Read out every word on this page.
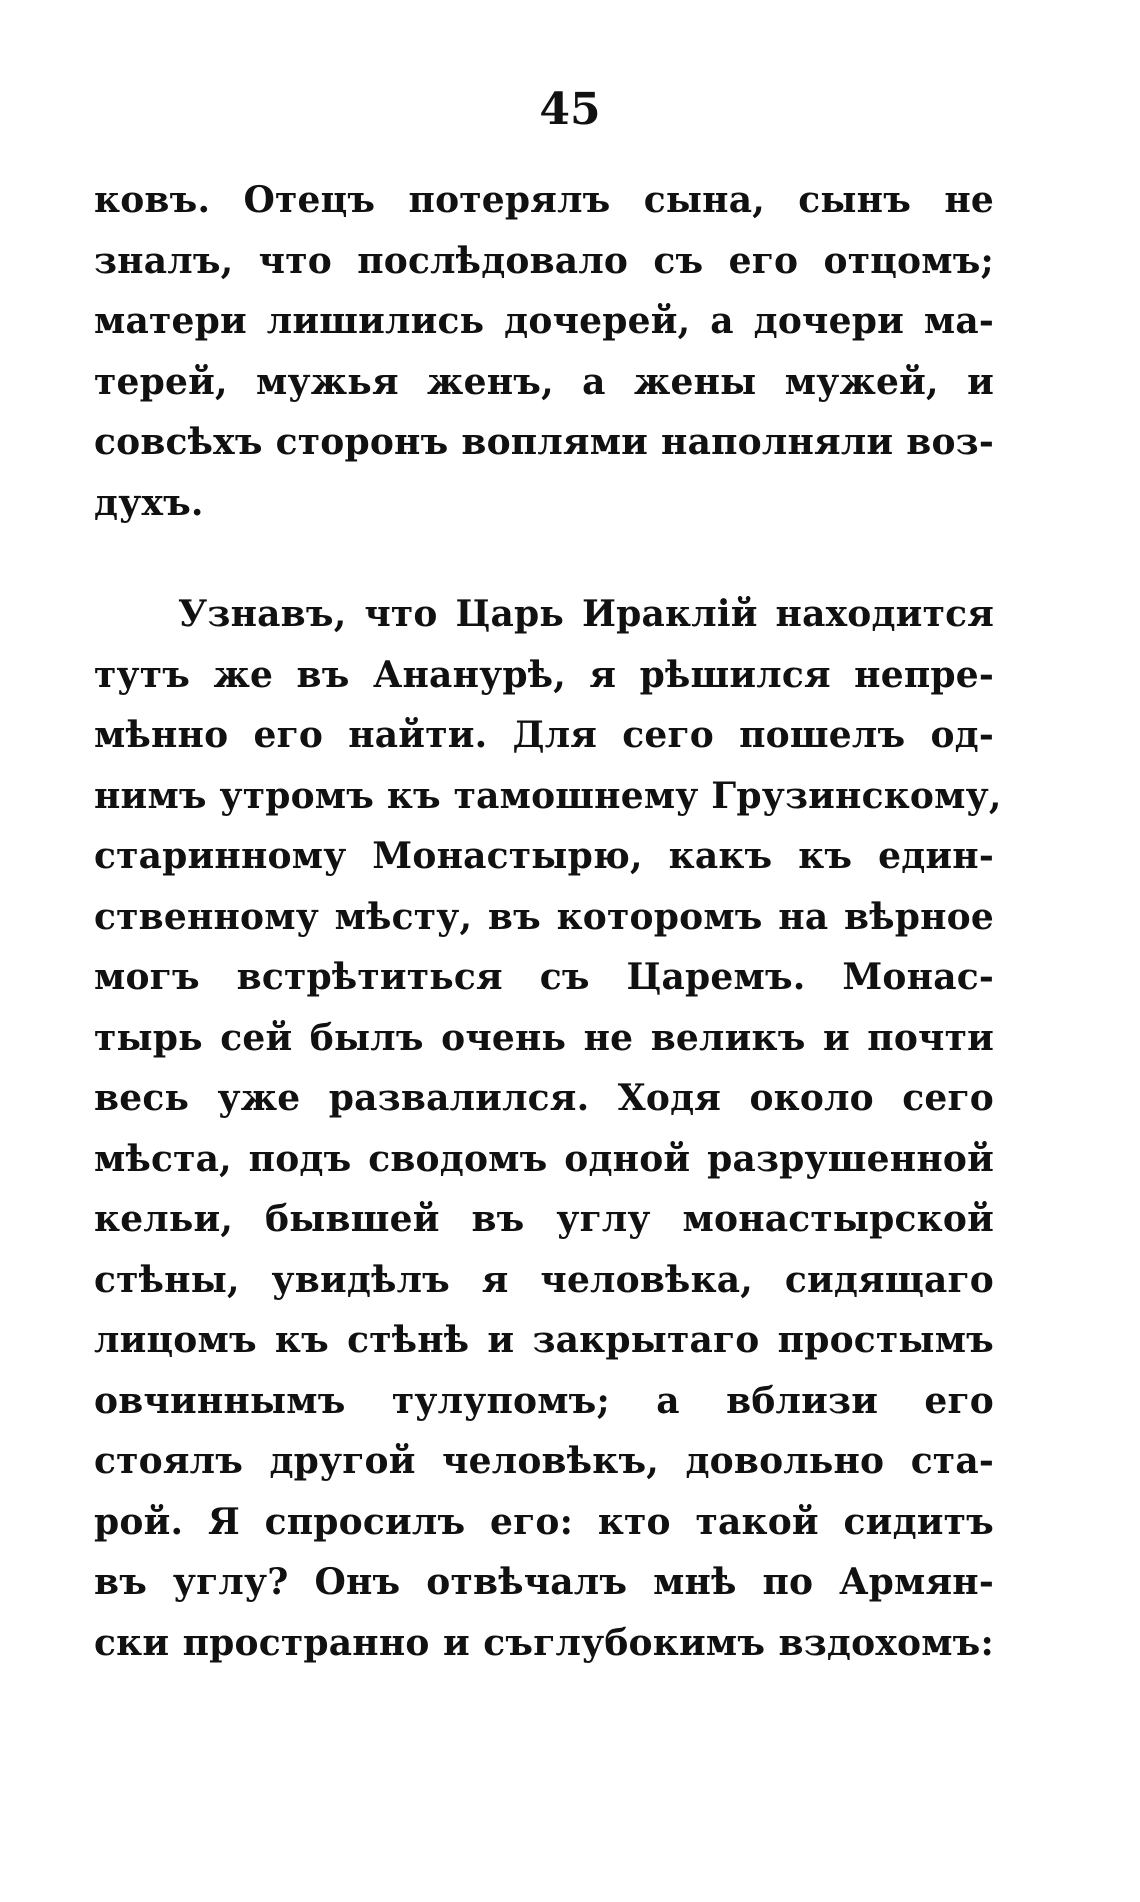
45
ковъ. Отецъ потерялъ сына, сынъ не
зналъ, что послѣдовало съ его отцомъ;
матери лишились дочерей, а дочери ма-
терей, мужья женъ, а жены мужей, и
совсѣхъ сторонъ воплями наполняли воз-
духъ.
Узнавъ, что Царь Ираклій находится
тутъ же въ Ананурѣ, я рѣшился непре-
мѣнно его найти. Для сего пошелъ од-
нимъ утромъ къ тамошнему Грузинскому,
старинному Монастырю, какъ къ един-
ственному мѣсту, въ которомъ на вѣрное
могъ встрѣтиться съ Царемъ. Монас-
тырь сей былъ очень не великъ и почти
весь уже развалился. Ходя около сего
мѣста, подъ сводомъ одной разрушенной
кельи, бывшей въ углу монастырской
стѣны, увидѣлъ я человѣка, сидящаго
лицомъ къ стѣнѣ и закрытаго простымъ
овчиннымъ тулупомъ; а вблизи его
стоялъ другой человѣкъ, довольно ста-
рой. Я спросилъ его: кто такой сидитъ
въ углу? Онъ отвѣчалъ мнѣ по Армян-
ски пространно и съглубокимъ вздохомъ:
